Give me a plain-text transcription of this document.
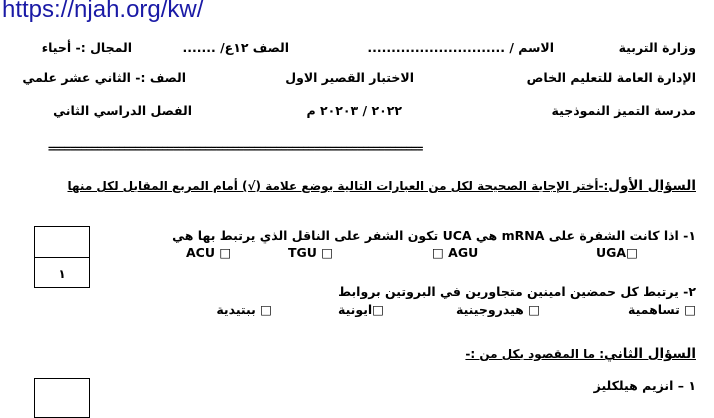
https://njah.org/kw/
وزارة التربية
الاسم / .............................
الصف ١٢ع/ .......
المجال :- أحياء
الإدارة العامة للتعليم الخاص
الاختبار القصير الاول
الصف :- الثاني عشر علمي
مدرسة التميز النموذجية
٢٠٢٢ / ٢٠٢٠٣ م
الفصل الدراسي الثاني
=====================================================================
السؤال الأول:-أختر الإجابة الصحيحة لكل من العبارات التالية بوضع علامة (√) أمام المربع المقابل لكل منها
١
١- اذا كانت الشفرة على mRNA هي UCA تكون الشفر على الناقل الذي يرتبط بها هي
UGA□
□ AGU
TGU □
ACU □
٢- يرتبط كل حمضين امينين متجاورين في البروتين بروابط
□ تساهمية
□ هيدروجينية
□ايونية
□ ببتيدية
السؤال الثاني: ما المقصود بكل من :-
١ – انزيم هيلكليز
